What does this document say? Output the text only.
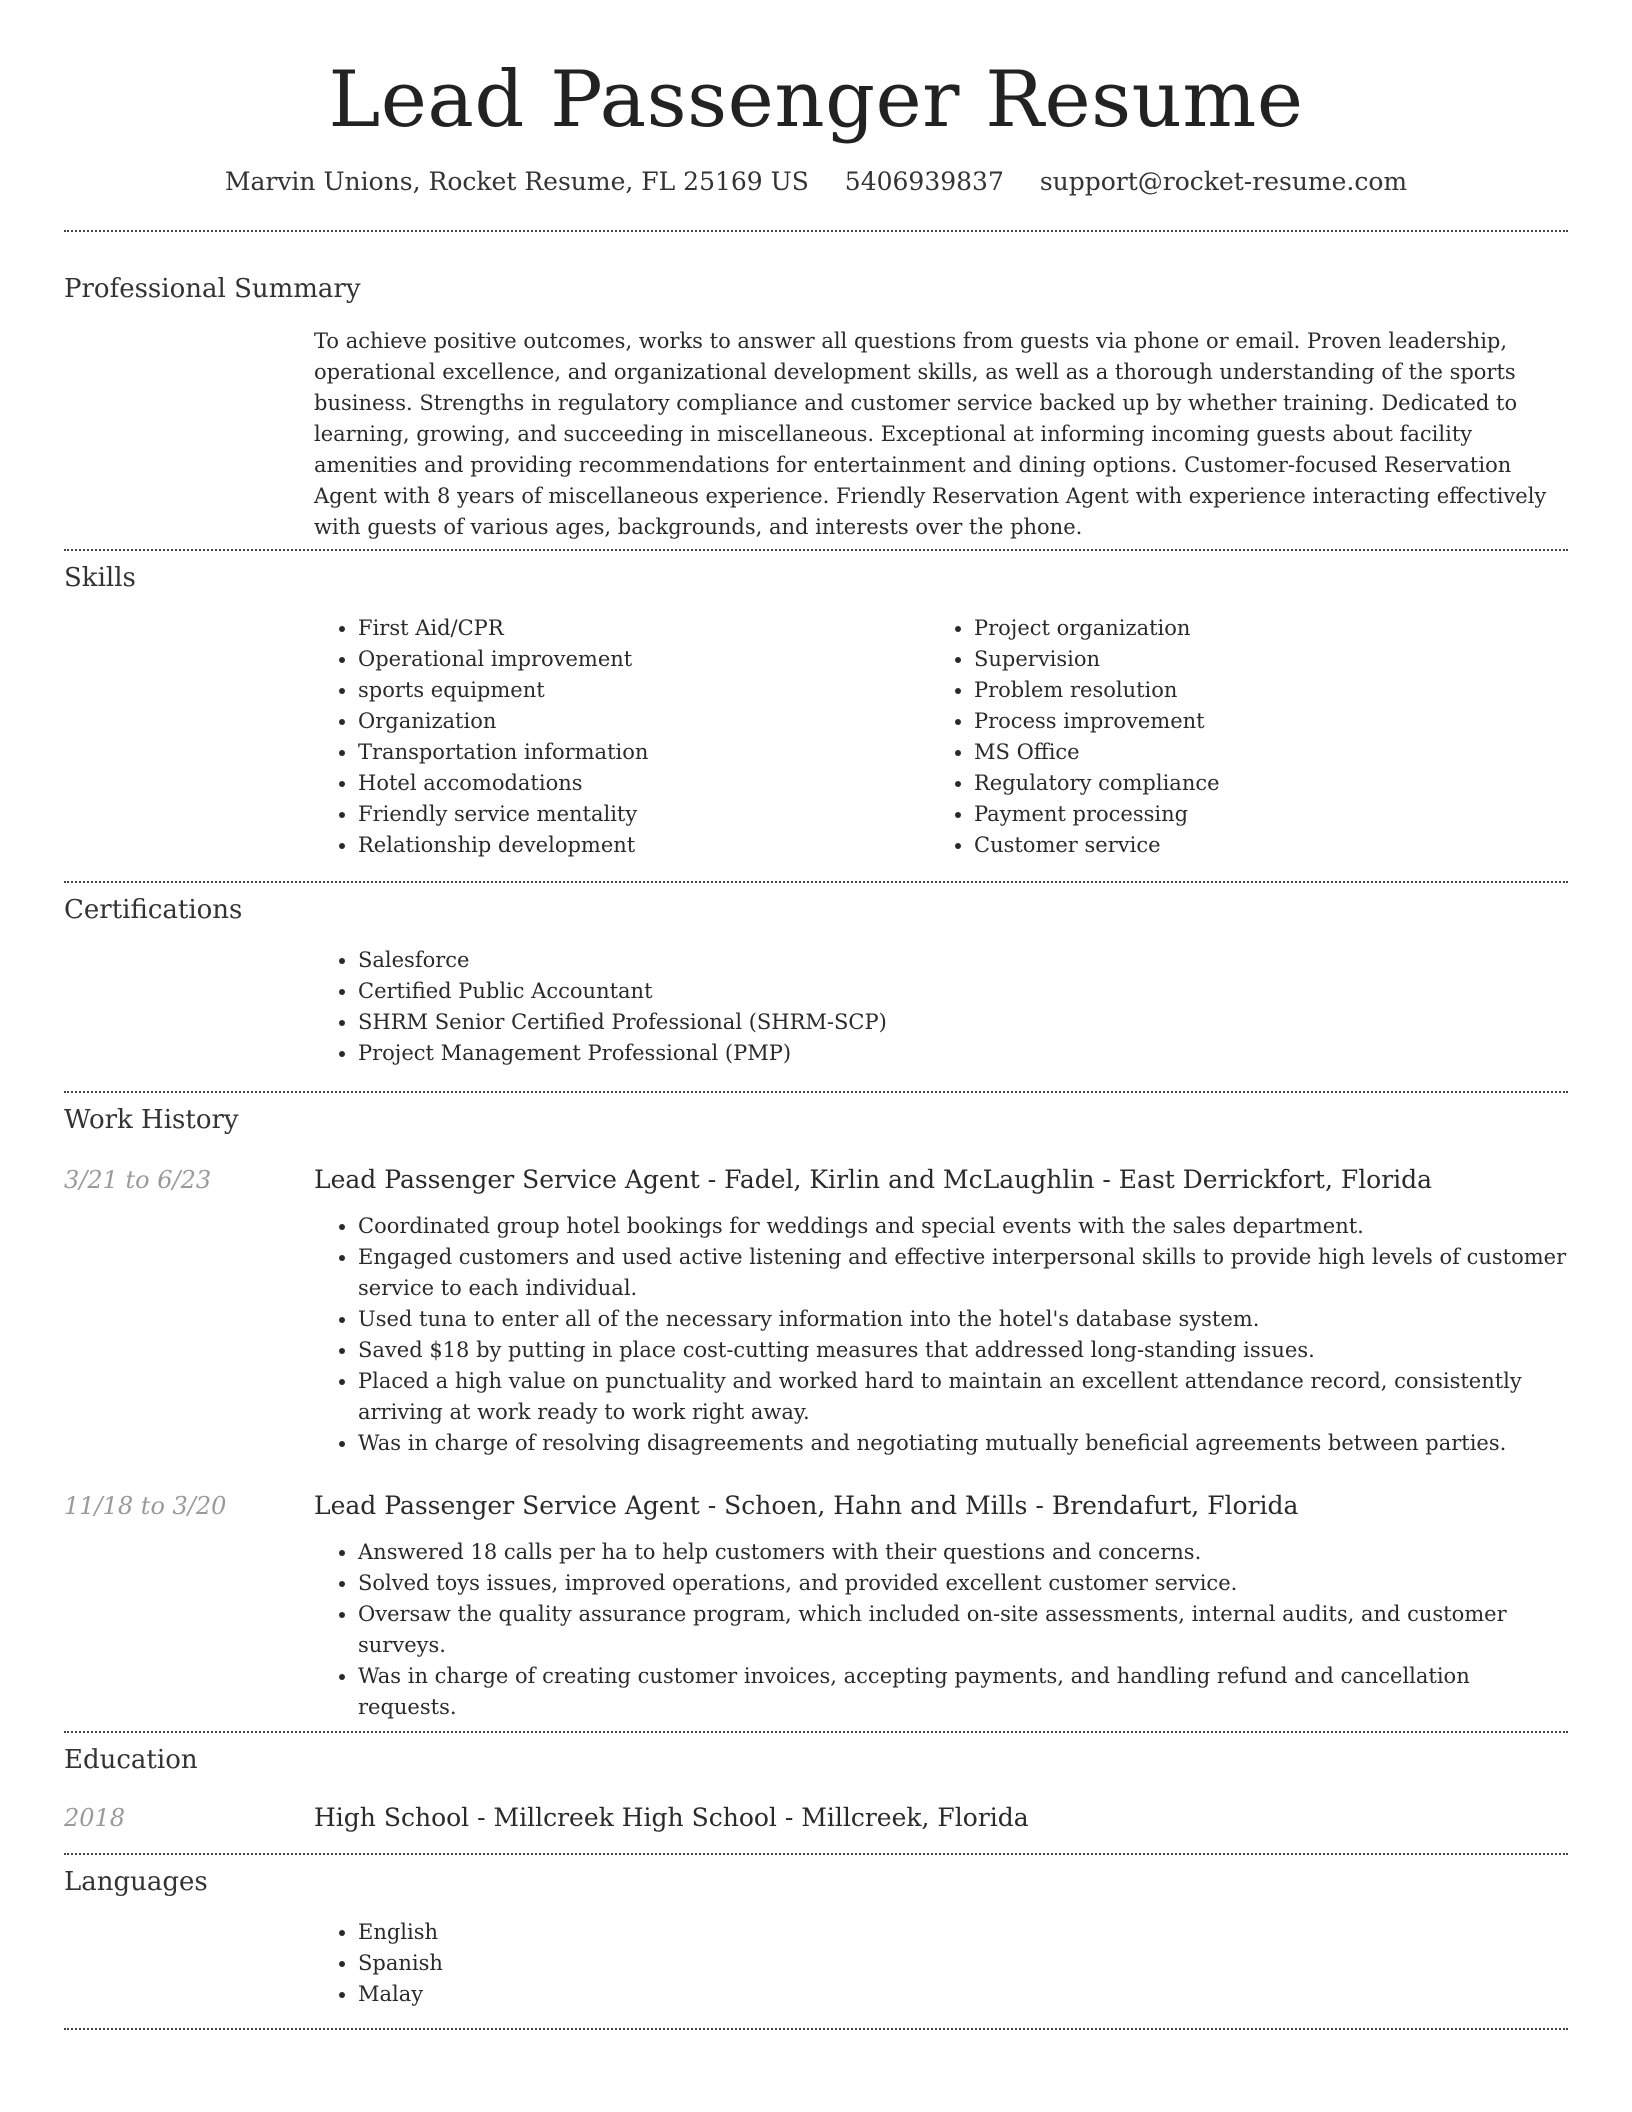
Lead Passenger Resume
Marvin Unions, Rocket Resume, FL 25169 US 5406939837 support@rocket-resume.com
Professional Summary
To achieve positive outcomes, works to answer all questions from guests via phone or email. Proven leadership, operational excellence, and organizational development skills, as well as a thorough understanding of the sports business. Strengths in regulatory compliance and customer service backed up by whether training. Dedicated to learning, growing, and succeeding in miscellaneous. Exceptional at informing incoming guests about facility amenities and providing recommendations for entertainment and dining options. Customer-focused Reservation Agent with 8 years of miscellaneous experience. Friendly Reservation Agent with experience interacting effectively with guests of various ages, backgrounds, and interests over the phone.
Skills
• First Aid/CPR
• Operational improvement
• sports equipment
• Organization
• Transportation information
• Hotel accomodations
• Friendly service mentality
• Relationship development
• Project organization
• Supervision
• Problem resolution
• Process improvement
• MS Office
• Regulatory compliance
• Payment processing
• Customer service
Certifications
• Salesforce
• Certified Public Accountant
• SHRM Senior Certified Professional (SHRM-SCP)
• Project Management Professional (PMP)
Work History
3/21 to 6/23	Lead Passenger Service Agent - Fadel, Kirlin and McLaughlin - East Derrickfort, Florida
• Coordinated group hotel bookings for weddings and special events with the sales department.
• Engaged customers and used active listening and effective interpersonal skills to provide high levels of customer service to each individual.
• Used tuna to enter all of the necessary information into the hotel's database system.
• Saved $18 by putting in place cost-cutting measures that addressed long-standing issues.
• Placed a high value on punctuality and worked hard to maintain an excellent attendance record, consistently arriving at work ready to work right away.
• Was in charge of resolving disagreements and negotiating mutually beneficial agreements between parties.
11/18 to 3/20	Lead Passenger Service Agent - Schoen, Hahn and Mills - Brendafurt, Florida
• Answered 18 calls per ha to help customers with their questions and concerns.
• Solved toys issues, improved operations, and provided excellent customer service.
• Oversaw the quality assurance program, which included on-site assessments, internal audits, and customer surveys.
• Was in charge of creating customer invoices, accepting payments, and handling refund and cancellation requests.
Education
2018	High School - Millcreek High School - Millcreek, Florida
Languages
• English
• Spanish
• Malay
